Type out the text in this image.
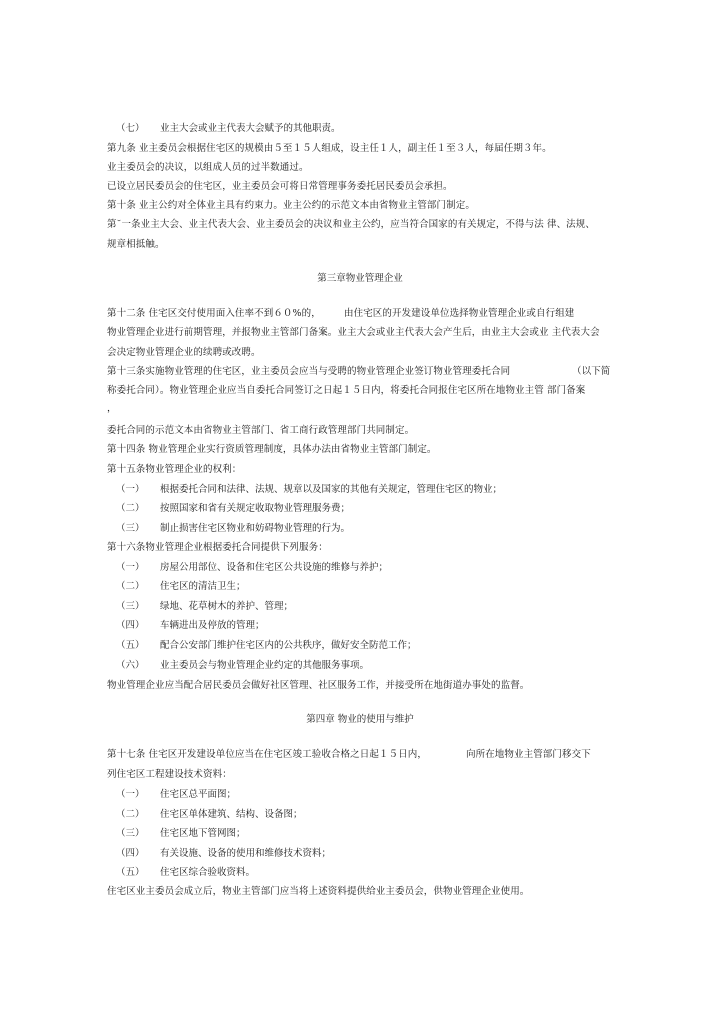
（七） 业主大会或业主代表大会赋予的其他职责。
第九条 业主委员会根据住宅区的规模由５至１５人组成，设主任１人，副主任１至３人，每届任期３年。
业主委员会的决议，以组成人员的过半数通过。
已设立居民委员会的住宅区，业主委员会可将日常管理事务委托居民委员会承担。
第十条 业主公约对全体业主具有约束力。业主公约的示范文本由省物业主管部门制定。
第˘一条业主大会、业主代表大会、业主委员会的决议和业主公约，应当符合国家的有关规定，不得与法 律、法规、
规章相抵触。
第三章物业管理企业
第十二条 住宅区交付使用面入住率不到６０%的， 由住宅区的开发建设单位选择物业管理企业或自行组建
物业管理企业进行前期管理，并报物业主管部门备案。业主大会或业主代表大会产生后，由业主大会或业 主代表大会
会决定物业管理企业的续聘或改聘。
第十三条实施物业管理的住宅区，业主委员会应当与受聘的物业管理企业签订物业管理委托合同	（以下简
称委托合同）。物业管理企业应当自委托合同签订之日起１５日内，将委托合同报住宅区所在地物业主管 部门备案
，
委托合同的示范文本由省物业主管部门、省工商行政管理部门共同制定。
第十四条 物业管理企业实行资质管理制度，具体办法由省物业主管部门制定。
第十五条物业管理企业的权利：
（一） 根据委托合同和法律、法规、规章以及国家的其他有关规定，管理住宅区的物业；
（二） 按照国家和省有关规定收取物业管理服务费；
（三） 制止损害住宅区物业和妨碍物业管理的行为。
第十六条物业管理企业根据委托合同提供下列服务：
（一） 房屋公用部位、设备和住宅区公共设施的维修与养护；
（二） 住宅区的清洁卫生；
（三） 绿地、花草树木的养护、管理；
（四） 车辆进出及停放的管理；
（五） 配合公安部门维护住宅区内的公共秩序，做好安全防范工作；
（六） 业主委员会与物业管理企业约定的其他服务事项。
物业管理企业应当配合居民委员会做好社区管理、社区服务工作，并接受所在地街道办事处的监督。
第四章 物业的使用与维护
第十七条 住宅区开发建设单位应当在住宅区竣工验收合格之日起１５日内，	向所在地物业主管部门移交下
列住宅区工程建设技术资料：
（一） 住宅区总平面图；
（二） 住宅区单体建筑、结构、设备图；
（三） 住宅区地下管网图；
（四） 有关设施、设备的使用和维修技术资料；
（五） 住宅区综合验收资料。
住宅区业主委员会成立后，物业主管部门应当将上述资料提供给业主委员会，供物业管理企业使用。
